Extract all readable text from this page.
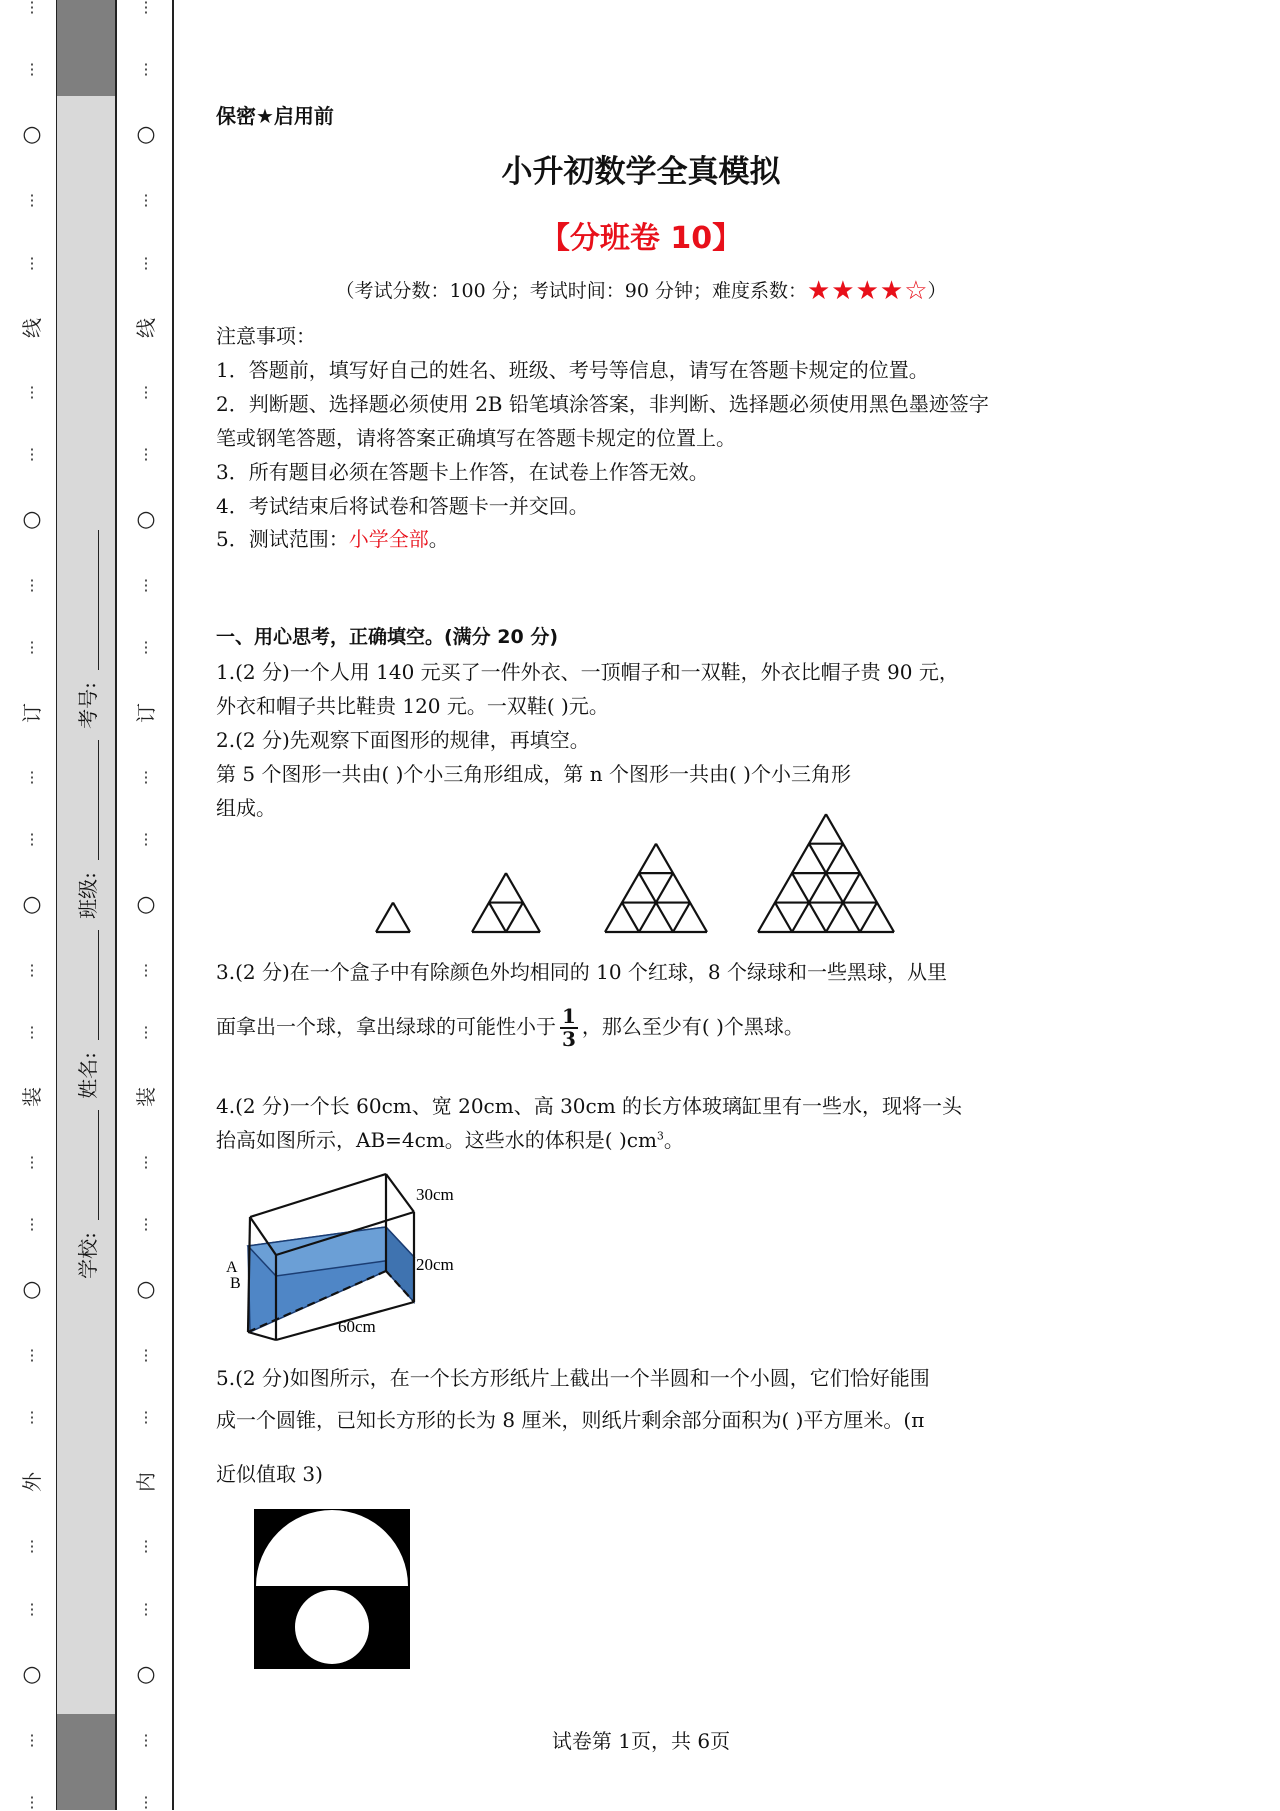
⋮
⋮
○
⋮
⋮
线
⋮
⋮
○
⋮
⋮
订
⋮
⋮
○
⋮
⋮
装
⋮
⋮
○
⋮
⋮
外
⋮
⋮
○
⋮
⋮
学校:
姓名:
班级:
考号:
⋮
⋮
○
⋮
⋮
线
⋮
⋮
○
⋮
⋮
订
⋮
⋮
○
⋮
⋮
装
⋮
⋮
○
⋮
⋮
内
⋮
⋮
○
⋮
⋮
保密★启用前
小升初数学全真模拟
【分班卷 10】
（考试分数：100 分；考试时间：90 分钟；难度系数：★★★★☆）
注意事项：
1．答题前，填写好自己的姓名、班级、考号等信息，请写在答题卡规定的位置。
2．判断题、选择题必须使用 2B 铅笔填涂答案，非判断、选择题必须使用黑色墨迹签字
笔或钢笔答题，请将答案正确填写在答题卡规定的位置上。
3．所有题目必须在答题卡上作答，在试卷上作答无效。
4．考试结束后将试卷和答题卡一并交回。
5．测试范围：小学全部。
一、用心思考，正确填空。(满分 20 分)
1.(2 分)一个人用 140 元买了一件外衣、一顶帽子和一双鞋，外衣比帽子贵 90 元，
外衣和帽子共比鞋贵 120 元。一双鞋( )元。
2.(2 分)先观察下面图形的规律，再填空。
第 5 个图形一共由( )个小三角形组成，第 n 个图形一共由( )个小三角形
组成。
3.(2 分)在一个盒子中有除颜色外均相同的 10 个红球，8 个绿球和一些黑球，从里
面拿出一个球，拿出绿球的可能性小于 $\frac{1}{3}$ ，那么至少有( )个黑球。
4.(2 分)一个长 60cm、宽 20cm、高 30cm 的长方体玻璃缸里有一些水，现将一头
抬高如图所示，AB=4cm。这些水的体积是( )$cm^3$。
30cm
20cm
60cm
A
B
5.(2 分)如图所示，在一个长方形纸片上截出一个半圆和一个小圆，它们恰好能围
成一个圆锥，已知长方形的长为 8 厘米，则纸片剩余部分面积为( )平方厘米。(π
近似值取 3)
试卷第 1页，共 6页
